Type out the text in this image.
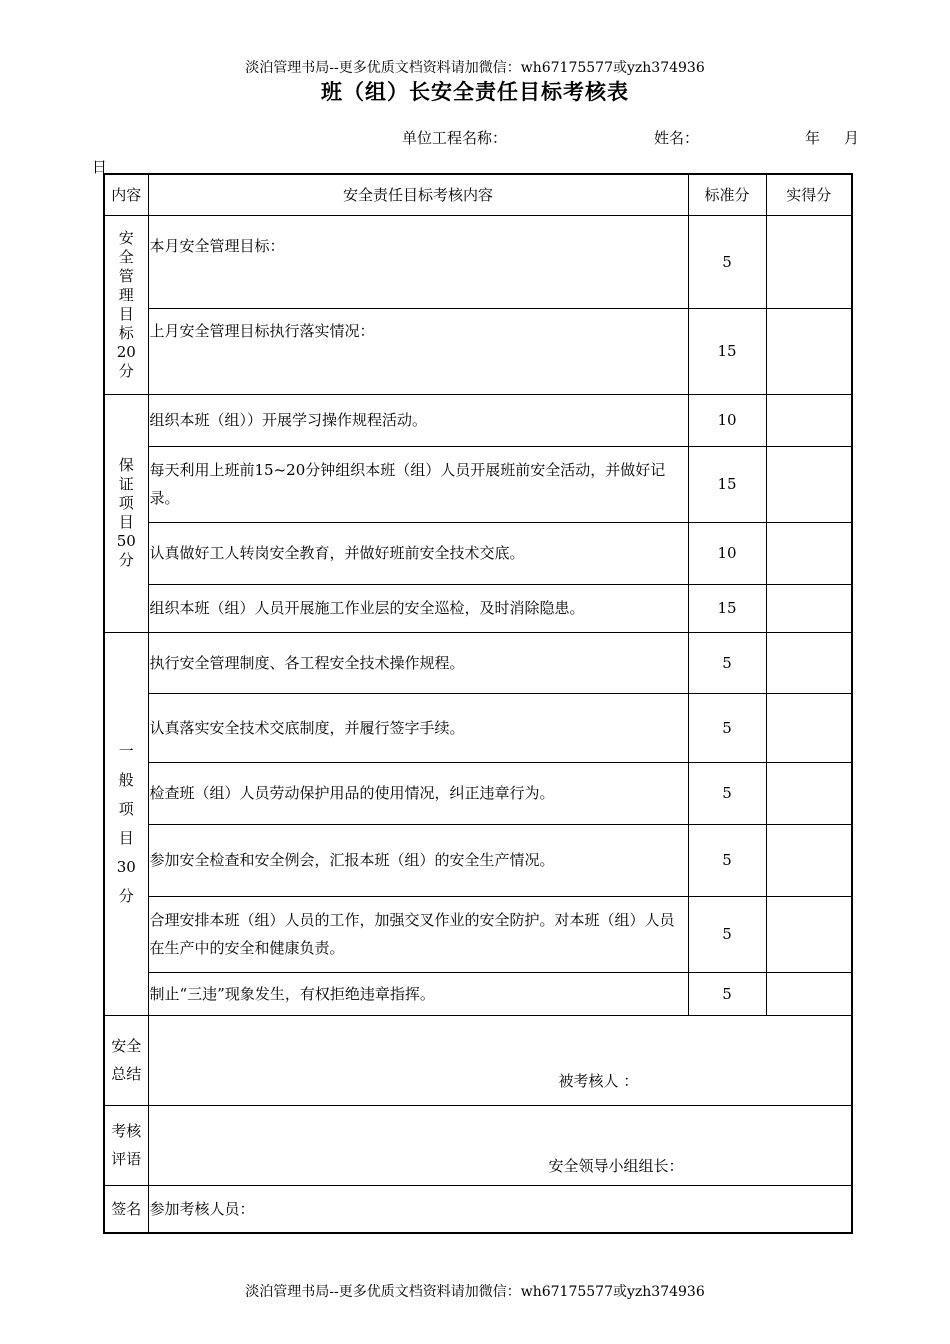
淡泊管理书局--更多优质文档资料请加微信：wh67175577或yzh374936
班（组）长安全责任目标考核表
单位工程名称：	姓名：	年 月
日
内容	安全责任目标考核内容	标准分	实得分
安全管理目标20分	本月安全管理目标：	5	
	上月安全管理目标执行落实情况：	15	
保证项目50分	组织本班（组））开展学习操作规程活动。	10	
	每天利用上班前15~20分钟组织本班（组）人员开展班前安全活动，并做好记录。	15	
	认真做好工人转岗安全教育，并做好班前安全技术交底。	10	
	组织本班（组）人员开展施工作业层的安全巡检，及时消除隐患。	15	
一般项目30分	执行安全管理制度、各工程安全技术操作规程。	5	
	认真落实安全技术交底制度，并履行签字手续。	5	
	检查班（组）人员劳动保护用品的使用情况，纠正违章行为。	5	
	参加安全检查和安全例会，汇报本班（组）的安全生产情况。	5	
	合理安排本班（组）人员的工作，加强交叉作业的安全防护。对本班（组）人员在生产中的安全和健康负责。	5	
	制止“三违”现象发生，有权拒绝违章指挥。	5	

安全
总结	被考核人 ：		

考核
评语	安全领导小组组长：		

签名	参加考核人员：		
淡泊管理书局--更多优质文档资料请加微信：wh67175577或yzh374936
